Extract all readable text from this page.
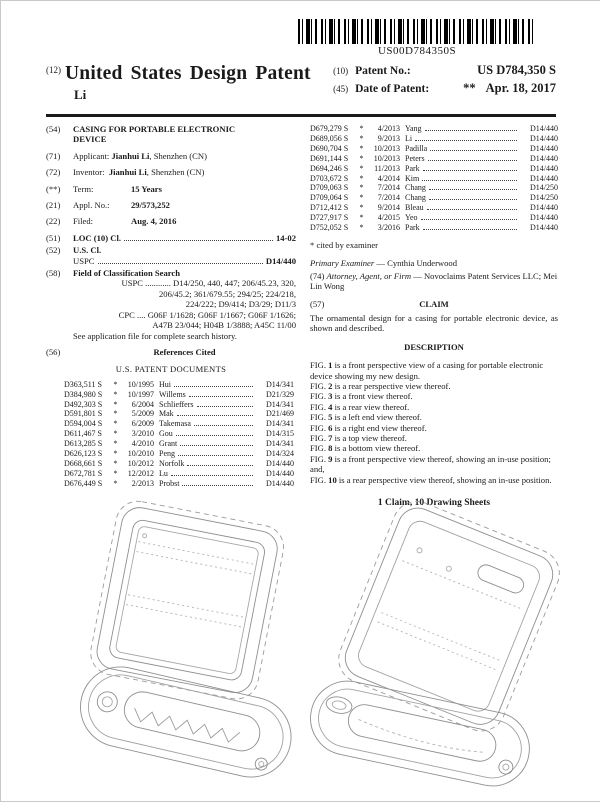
US00D784350S
$^{(12)}$ United States Design Patent
Li
(10) Patent No.:	US D784,350 S
(45) Date of Patent:	** Apr. 18, 2017
(54)	CASING FOR PORTABLE ELECTRONIC DEVICE
(71)	Applicant: Jianhui Li, Shenzhen (CN)
(72)	Inventor: Jianhui Li, Shenzhen (CN)
(**)	Term:	15 Years
(21)	Appl. No.:	29/573,252
(22)	Filed:	Aug. 4, 2016
(51)	LOC (10) Cl.	14-02
(52)	U.S. Cl.
USPC	D14/440
(58)	Field of Classification Search
USPC ............ D14/250, 440, 447; 206/45.23, 320,
206/45.2; 361/679.55; 294/25; 224/218,
224/222; D9/414; D3/29; D11/3
CPC .... G06F 1/1628; G06F 1/1667; G06F 1/1626;
A47B 23/044; H04B 1/3888; A45C 11/00
See application file for complete search history.
(56)	References Cited
U.S. PATENT DOCUMENTS
D363,511 S	*	10/1995 Hui	D14/341
D384,980 S	*	10/1997 Willems	D21/329
D492,303 S	*	6/2004 Schlieffers	D14/341
D591,801 S	*	5/2009 Mak	D21/469
D594,004 S	*	6/2009 Takemasa	D14/341
D611,467 S	*	3/2010 Gou	D14/315
D613,285 S	*	4/2010 Grant	D14/341
D626,123 S	*	10/2010 Peng	D14/324
D668,661 S	*	10/2012 Norfolk	D14/440
D672,781 S	*	12/2012 Lu	D14/440
D676,449 S	*	2/2013 Probst	D14/440
D679,279 S	*	4/2013 Yang	D14/440
D689,056 S	*	9/2013 Li	D14/440
D690,704 S	*	10/2013 Padilla	D14/440
D691,144 S	*	10/2013 Peters	D14/440
D694,246 S	*	11/2013 Park	D14/440
D703,672 S	*	4/2014 Kim	D14/440
D709,063 S	*	7/2014 Chang	D14/250
D709,064 S	*	7/2014 Chang	D14/250
D712,412 S	*	9/2014 Bleau	D14/440
D727,917 S	*	4/2015 Yeo	D14/440
D752,052 S	*	3/2016 Park	D14/440
* cited by examiner
Primary Examiner — Cynthia Underwood
(74) Attorney, Agent, or Firm — Novoclaims Patent Services LLC; Mei Lin Wong
(57)	CLAIM
The ornamental design for a casing for portable electronic device, as shown and described.
DESCRIPTION
FIG. 1 is a front perspective view of a casing for portable electronic device showing my new design.
FIG. 2 is a rear perspective view thereof.
FIG. 3 is a front view thereof.
FIG. 4 is a rear view thereof.
FIG. 5 is a left end view thereof.
FIG. 6 is a right end view thereof.
FIG. 7 is a top view thereof.
FIG. 8 is a bottom view thereof.
FIG. 9 is a front perspective view thereof, showing an in-use position; and,
FIG. 10 is a rear perspective view thereof, showing an in-use position.
1 Claim, 10 Drawing Sheets
